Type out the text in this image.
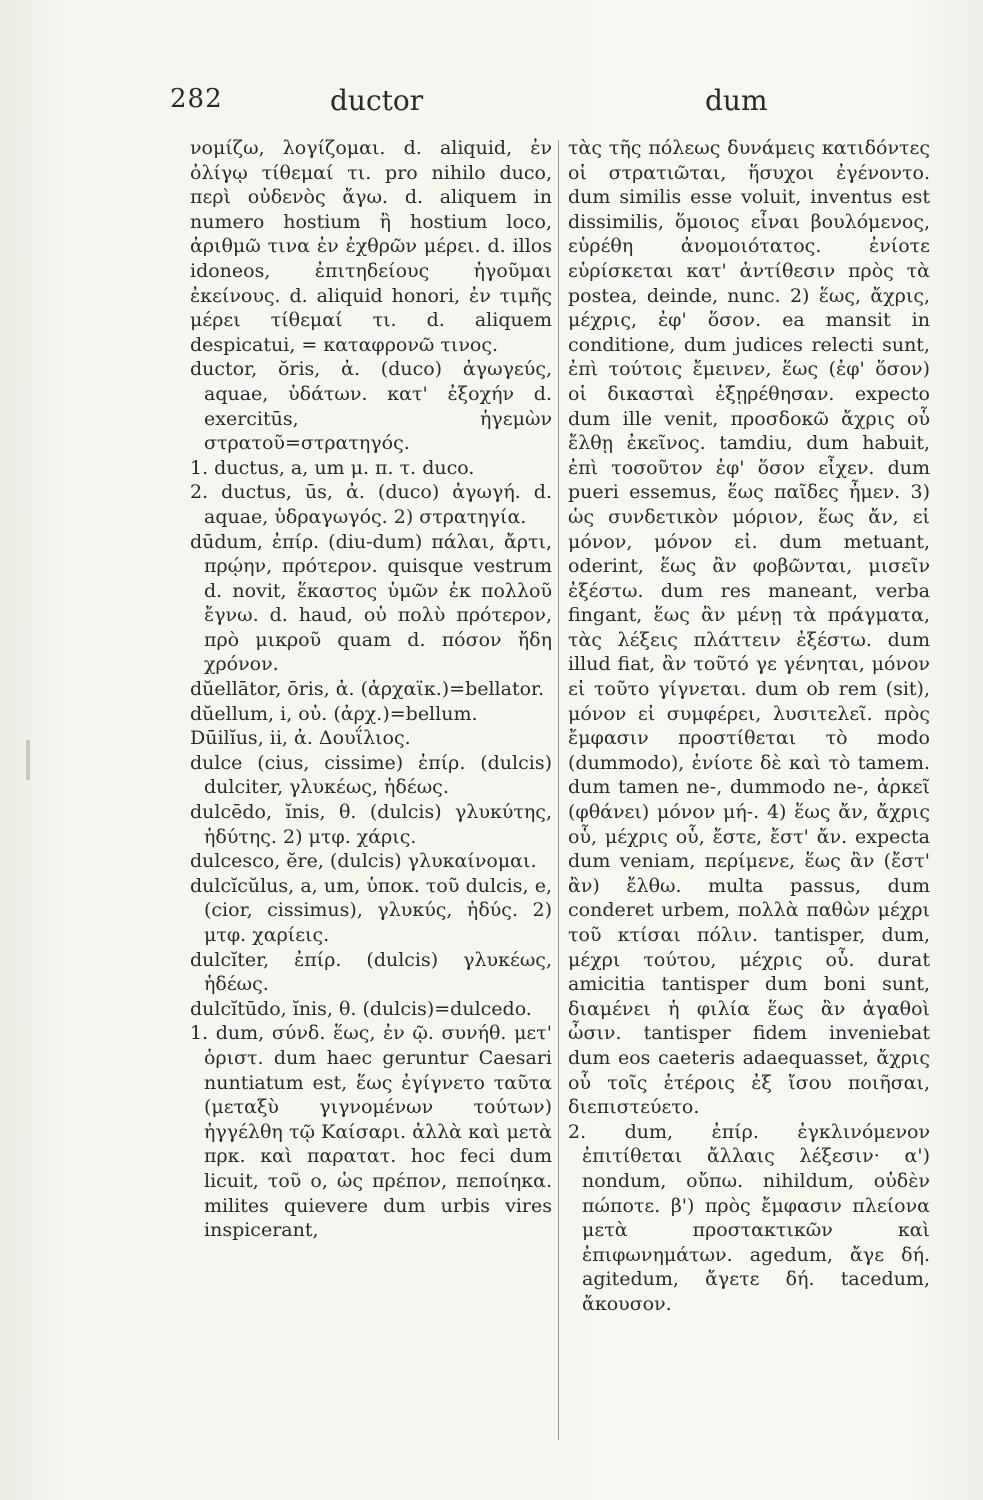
282	ductor	dum

νομίζω, λογίζομαι. d. aliquid, ἐν ὀλίγῳ τίθεμαί τι. pro nihilo duco, περὶ οὐδενὸς ἄγω. d. aliquem in numero hostium ἢ hostium loco, ἀριθμῶ τινα ἐν ἐχθρῶν μέρει. d. illos idoneos, ἐπιτηδείους ἡγοῦμαι ἐκείνους. d. aliquid honori, ἐν τιμῆς μέρει τίθεμαί τι. d. aliquem despicatui, = καταφρονῶ τινος.

ductor, ŏris, ἀ. (duco) ἀγωγεύς, aquae, ὑδάτων. κατ' ἐξοχήν d. exercitūs, ἡγεμὼν στρατοῦ=στρατηγός.

1. ductus, a, um μ. π. τ. duco.

2. ductus, ūs, ἀ. (duco) ἀγωγή. d. aquae, ὑδραγωγός. 2) στρατηγία.

dūdum, ἐπίρ. (diu-dum) πάλαι, ἄρτι, πρῴην, πρότερον. quisque vestrum d. novit, ἕκαστος ὑμῶν ἐκ πολλοῦ ἔγνω. d. haud, οὐ πολὺ πρότερον, πρὸ μικροῦ quam d. πόσον ἤδη χρόνον.

dŭellātor, ōris, ἀ. (ἀρχαϊκ.)=bellator.

dŭellum, i, οὐ. (ἀρχ.)=bellum.

Dūilĭus, ii, ἀ. Δουΐλιος.

dulce (cius, cissime) ἐπίρ. (dulcis) dulciter, γλυκέως, ἡδέως.

dulcēdo, ĭnis, θ. (dulcis) γλυκύτης, ἡδύτης. 2) μτφ. χάρις.

dulcesco, ĕre, (dulcis) γλυκαίνομαι.

dulcĭcŭlus, a, um, ὑποκ. τοῦ dulcis, e, (cior, cissimus), γλυκύς, ἡδύς. 2) μτφ. χαρίεις.

dulcĭter, ἐπίρ. (dulcis) γλυκέως, ἡδέως.

dulcĭtūdo, ĭnis, θ. (dulcis)=dulcedo.

1. dum, σύνδ. ἕως, ἐν ῷ. συνήθ. μετ' ὁριστ. dum haec geruntur Caesari nuntiatum est, ἕως ἐγίγνετο ταῦτα (μεταξὺ γιγνομένων τούτων) ἠγγέλθη τῷ Καίσαρι. ἀλλὰ καὶ μετὰ πρκ. καὶ παρατατ. hoc feci dum licuit, τοῦ ο, ὡς πρέπον, πεποίηκα. milites quievere dum urbis vires inspicerant,

τὰς τῆς πόλεως δυνάμεις κατιδόντες οἱ στρατιῶται, ἥσυχοι ἐγένοντο. dum similis esse voluit, inventus est dissimilis, ὅμοιος εἶναι βουλόμενος, εὑρέθη ἀνομοιότατος. ἐνίοτε εὑρίσκεται κατ' ἀντίθεσιν πρὸς τὰ postea, deinde, nunc. 2) ἕως, ἄχρις, μέχρις, ἐφ' ὅσον. ea mansit in conditione, dum judices relecti sunt, ἐπὶ τούτοις ἔμεινεν, ἕως (ἐφ' ὅσον) οἱ δικασταὶ ἐξῃρέθησαν. expecto dum ille venit, προσδοκῶ ἄχρις οὗ ἔλθῃ ἐκεῖνος. tamdiu, dum habuit, ἐπὶ τοσοῦτον ἐφ' ὅσον εἶχεν. dum pueri essemus, ἕως παῖδες ἦμεν. 3) ὡς συνδετικὸν μόριον, ἕως ἄν, εἰ μόνον, μόνον εἰ. dum metuant, oderint, ἕως ἂν φοβῶνται, μισεῖν ἐξέστω. dum res maneant, verba fingant, ἕως ἂν μένῃ τὰ πράγματα, τὰς λέξεις πλάττειν ἐξέστω. dum illud fiat, ἂν τοῦτό γε γένηται, μόνον εἰ τοῦτο γίγνεται. dum ob rem (sit), μόνον εἰ συμφέρει, λυσιτελεῖ. πρὸς ἔμφασιν προστίθεται τὸ modo (dummodo), ἐνίοτε δὲ καὶ τὸ tamem. dum tamen ne-, dummodo ne-, ἀρκεῖ (φθάνει) μόνον μή-. 4) ἕως ἄν, ἄχρις οὗ, μέχρις οὗ, ἔστε, ἔστ' ἄν. expecta dum veniam, περίμενε, ἕως ἂν (ἔστ' ἂν) ἔλθω. multa passus, dum conderet urbem, πολλὰ παθὼν μέχρι τοῦ κτίσαι πόλιν. tantisper, dum, μέχρι τούτου, μέχρις οὗ. durat amicitia tantisper dum boni sunt, διαμένει ἡ φιλία ἕως ἂν ἀγαθοὶ ὦσιν. tantisper fidem inveniebat dum eos caeteris adaequasset, ἄχρις οὗ τοῖς ἑτέροις ἐξ ἴσου ποιῆσαι, διεπιστεύετο.

2. dum, ἐπίρ. ἐγκλινόμενον ἐπιτίθεται ἄλλαις λέξεσιν· α') nondum, οὔπω. nihildum, οὐδὲν πώποτε. β') πρὸς ἔμφασιν πλείονα μετὰ προστακτικῶν καὶ ἐπιφωνημάτων. agedum, ἄγε δή. agitedum, ἄγετε δή. tacedum, ἄκουσον.
